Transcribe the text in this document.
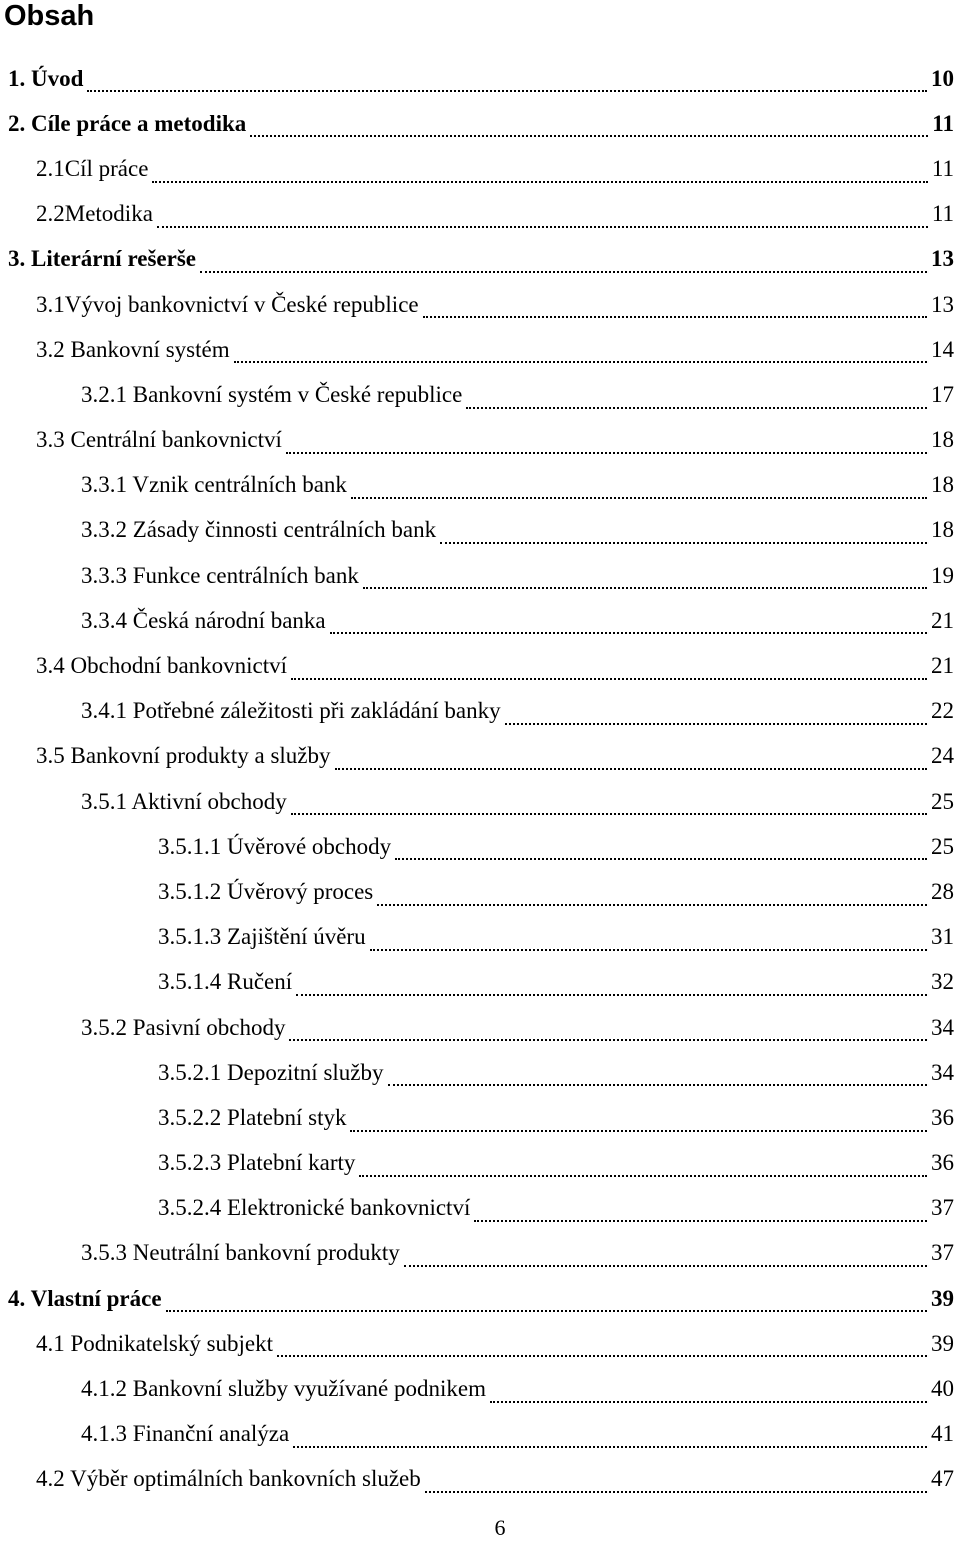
Obsah
1. Úvod	10
2. Cíle práce a metodika	11
2.1Cíl práce	11
2.2Metodika	11
3. Literární rešerše	13
3.1Vývoj bankovnictví v České republice	13
3.2 Bankovní systém	14
3.2.1 Bankovní systém v České republice	17
3.3 Centrální bankovnictví	18
3.3.1 Vznik centrálních bank	18
3.3.2 Zásady činnosti centrálních bank	18
3.3.3 Funkce centrálních bank	19
3.3.4 Česká národní banka	21
3.4 Obchodní bankovnictví	21
3.4.1 Potřebné záležitosti při zakládání banky	22
3.5 Bankovní produkty a služby	24
3.5.1 Aktivní obchody	25
3.5.1.1 Úvěrové obchody	25
3.5.1.2 Úvěrový proces	28
3.5.1.3 Zajištění úvěru	31
3.5.1.4 Ručení	32
3.5.2 Pasivní obchody	34
3.5.2.1 Depozitní služby	34
3.5.2.2 Platební styk	36
3.5.2.3 Platební karty	36
3.5.2.4 Elektronické bankovnictví	37
3.5.3 Neutrální bankovní produkty	37
4. Vlastní práce	39
4.1 Podnikatelský subjekt	39
4.1.2 Bankovní služby využívané podnikem	40
4.1.3 Finanční analýza	41
4.2 Výběr optimálních bankovních služeb	47
6
